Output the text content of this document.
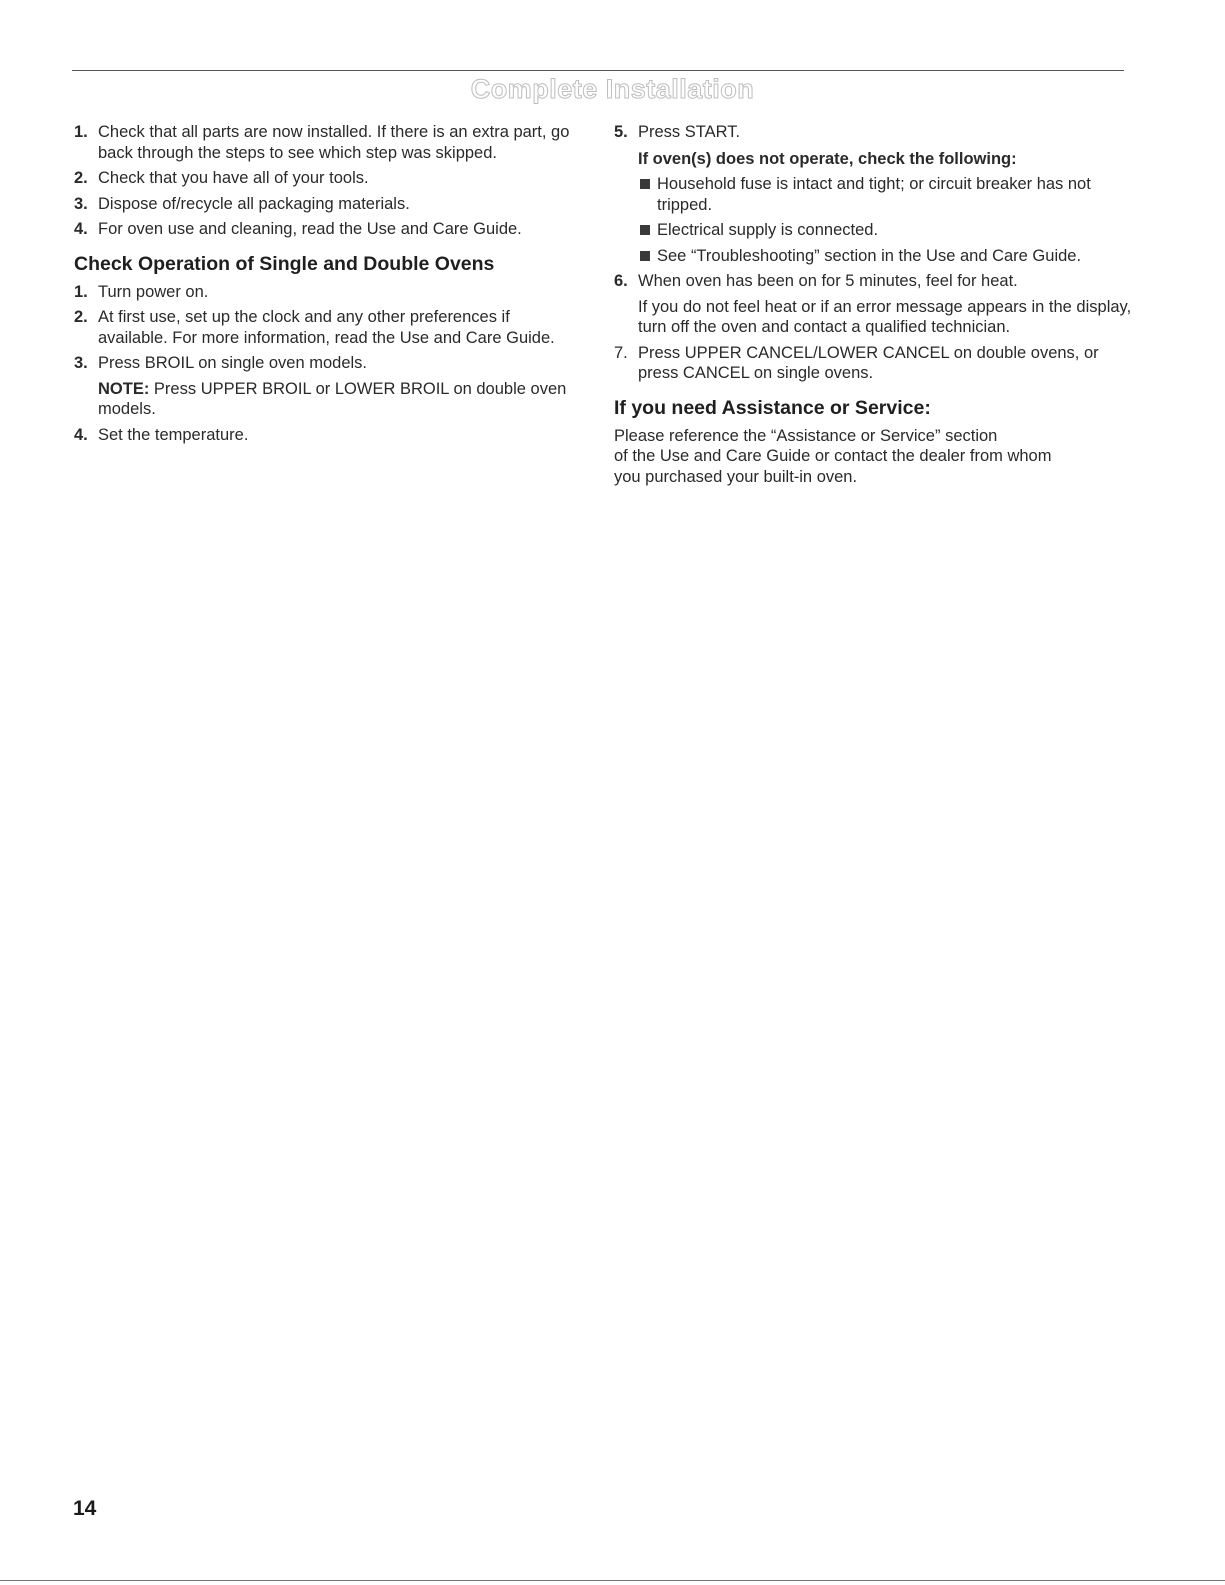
Complete Installation
1. Check that all parts are now installed. If there is an extra part, go back through the steps to see which step was skipped.
2. Check that you have all of your tools.
3. Dispose of/recycle all packaging materials.
4. For oven use and cleaning, read the Use and Care Guide.
Check Operation of Single and Double Ovens
1. Turn power on.
2. At first use, set up the clock and any other preferences if available. For more information, read the Use and Care Guide.
3. Press BROIL on single oven models.
NOTE: Press UPPER BROIL or LOWER BROIL on double oven models.
4. Set the temperature.
5. Press START.
If oven(s) does not operate, check the following:
Household fuse is intact and tight; or circuit breaker has not tripped.
Electrical supply is connected.
See “Troubleshooting” section in the Use and Care Guide.
6. When oven has been on for 5 minutes, feel for heat.
If you do not feel heat or if an error message appears in the display, turn off the oven and contact a qualified technician.
7. Press UPPER CANCEL/LOWER CANCEL on double ovens, or press CANCEL on single ovens.
If you need Assistance or Service:
Please reference the “Assistance or Service” section
of the Use and Care Guide or contact the dealer from whom
you purchased your built-in oven.
14
